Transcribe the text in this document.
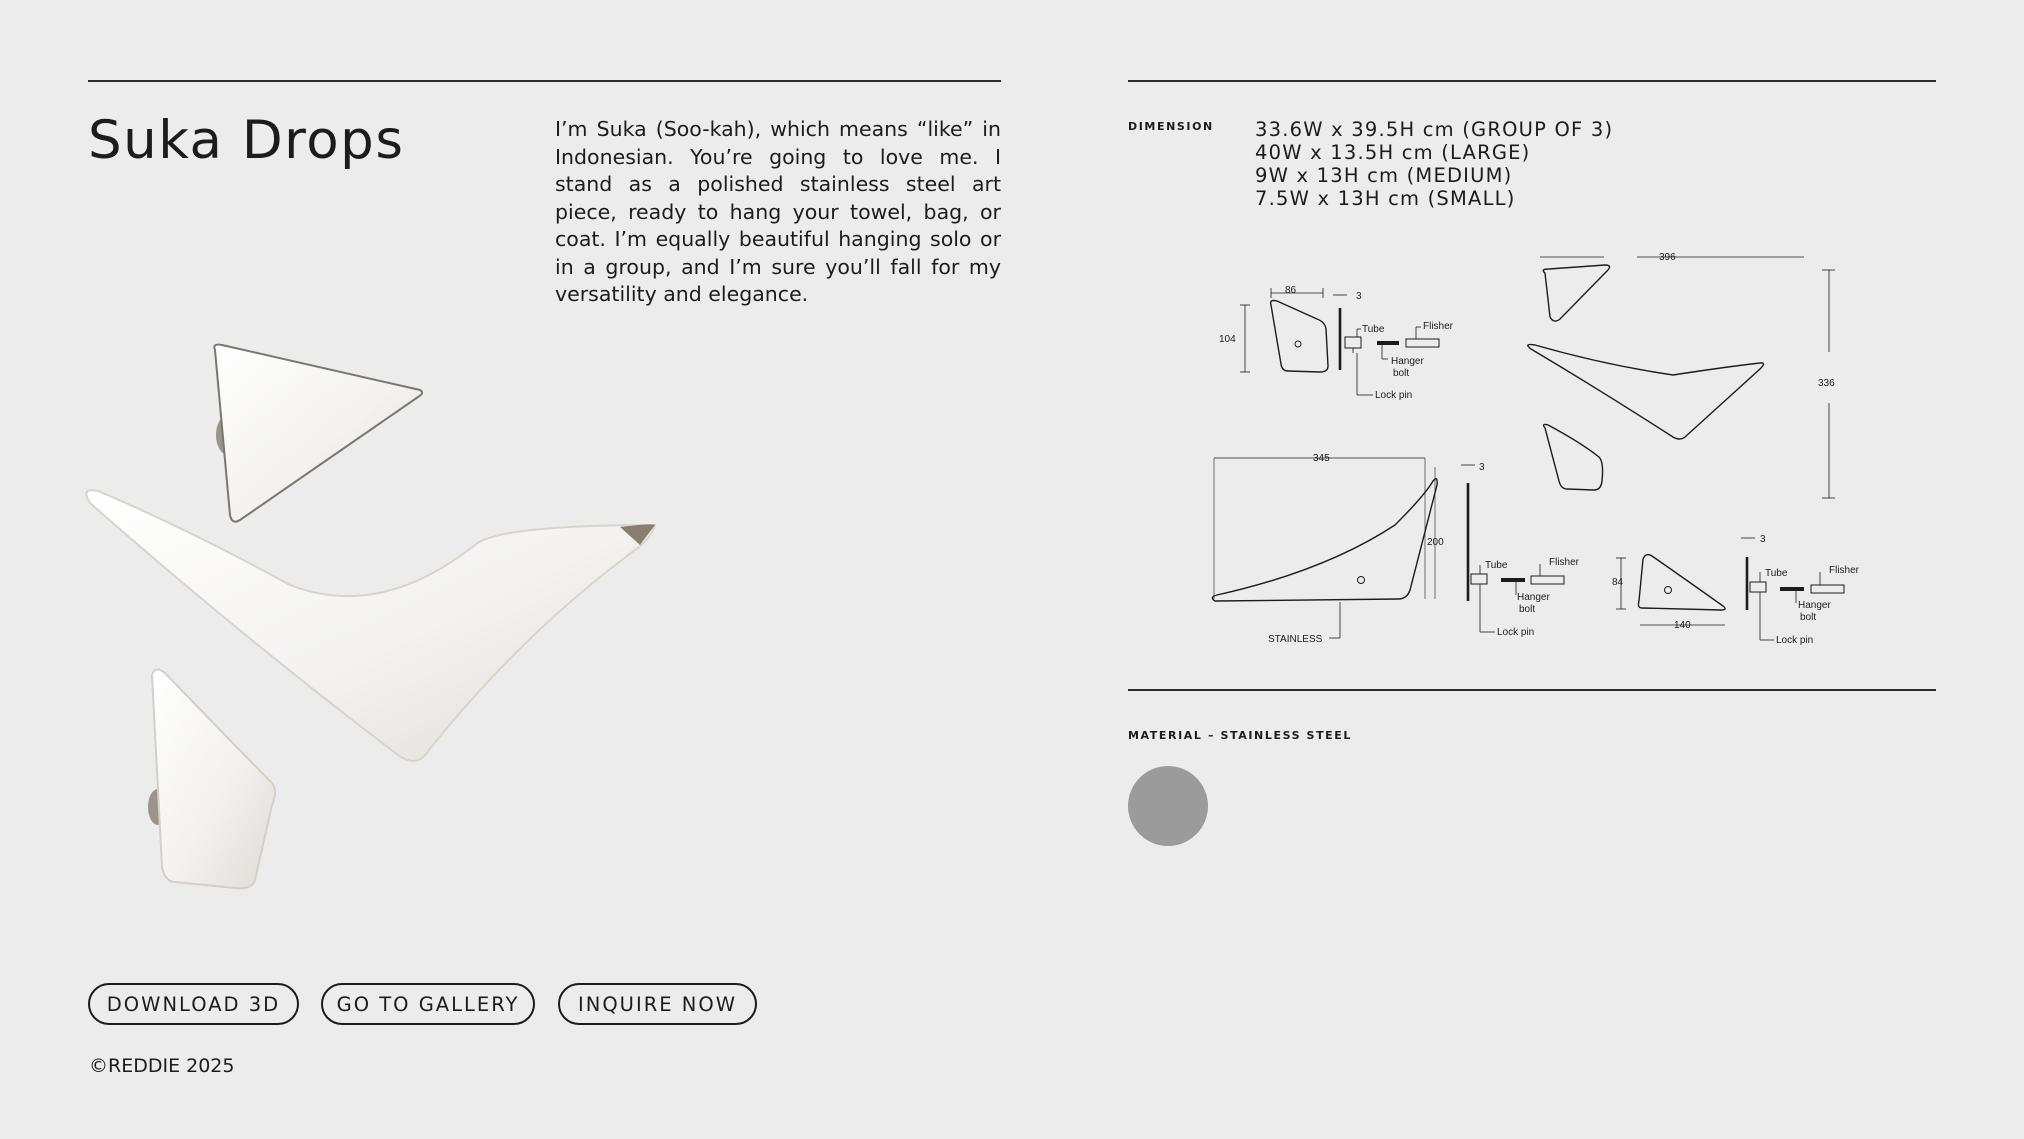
Suka Drops	I’m Suka (Soo-kah), which means “like” in Indonesian. You’re going to love me. I stand as a polished stainless steel art piece, ready to hang your towel, bag, or coat. I’m equally beautiful hanging solo or in a group, and I’m sure you’ll fall for my versatility and elegance.

DOWNLOAD 3D	GO TO GALLERY	INQUIRE NOW
©REDDIE 2025
DIMENSION 33.6W x 39.5H cm (GROUP OF 3)
40W x 13.5H cm (LARGE)
9W x 13H cm (MEDIUM)
7.5W x 13H cm (SMALL)
86
104
3
Tube	Flisher
Hanger
bolt
Lock pin
396
336
345
200
3
Tube	Flisher
Hanger
bolt
Lock pin
STAINLESS
84
140
3
Tube	Flisher
Hanger
bolt
Lock pin
MATERIAL – STAINLESS STEEL
